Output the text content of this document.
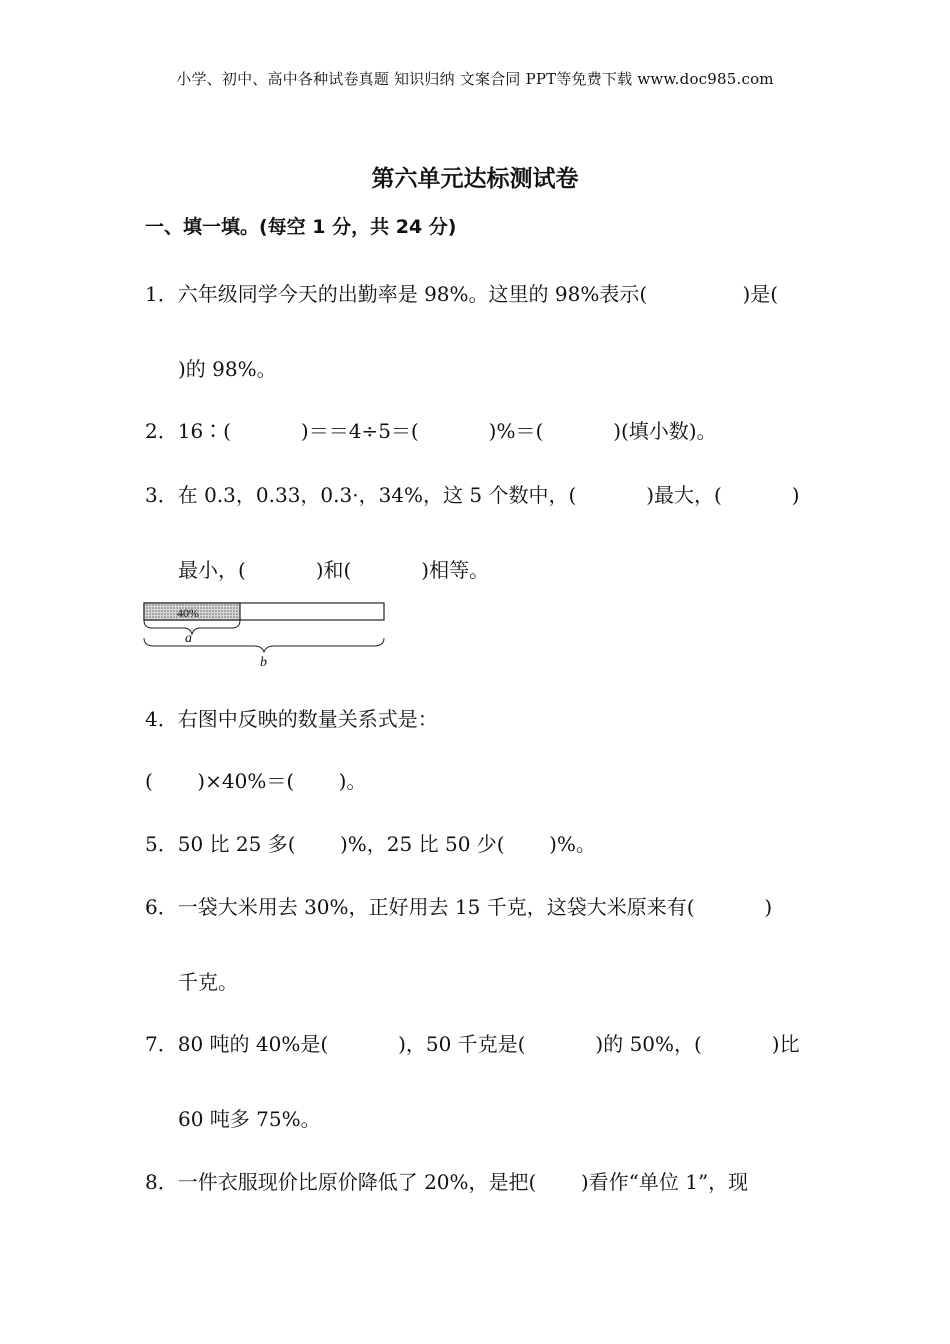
小学、初中、高中各种试卷真题 知识归纳 文案合同 PPT等免费下载 www.doc985.com
第六单元达标测试卷
一、填一填。(每空 1 分，共 24 分)
1．六年级同学今天的出勤率是 98%。这里的 98%表示(               )是(
)的 98%。
2．16∶(           )＝＝4÷5＝(           )%＝(           )(填小数)。
3．在 0.3，0.33，0.3·，34%，这 5 个数中，(           )最大，(           )
最小，(           )和(           )相等。
40%
a
b
4．右图中反映的数量关系式是：
(       )×40%＝(       )。
5．50 比 25 多(       )%，25 比 50 少(       )%。
6．一袋大米用去 30%，正好用去 15 千克，这袋大米原来有(           )
千克。
7．80 吨的 40%是(           )，50 千克是(           )的 50%，(           )比
60 吨多 75%。
8．一件衣服现价比原价降低了 20%，是把(       )看作“单位 1”，现
